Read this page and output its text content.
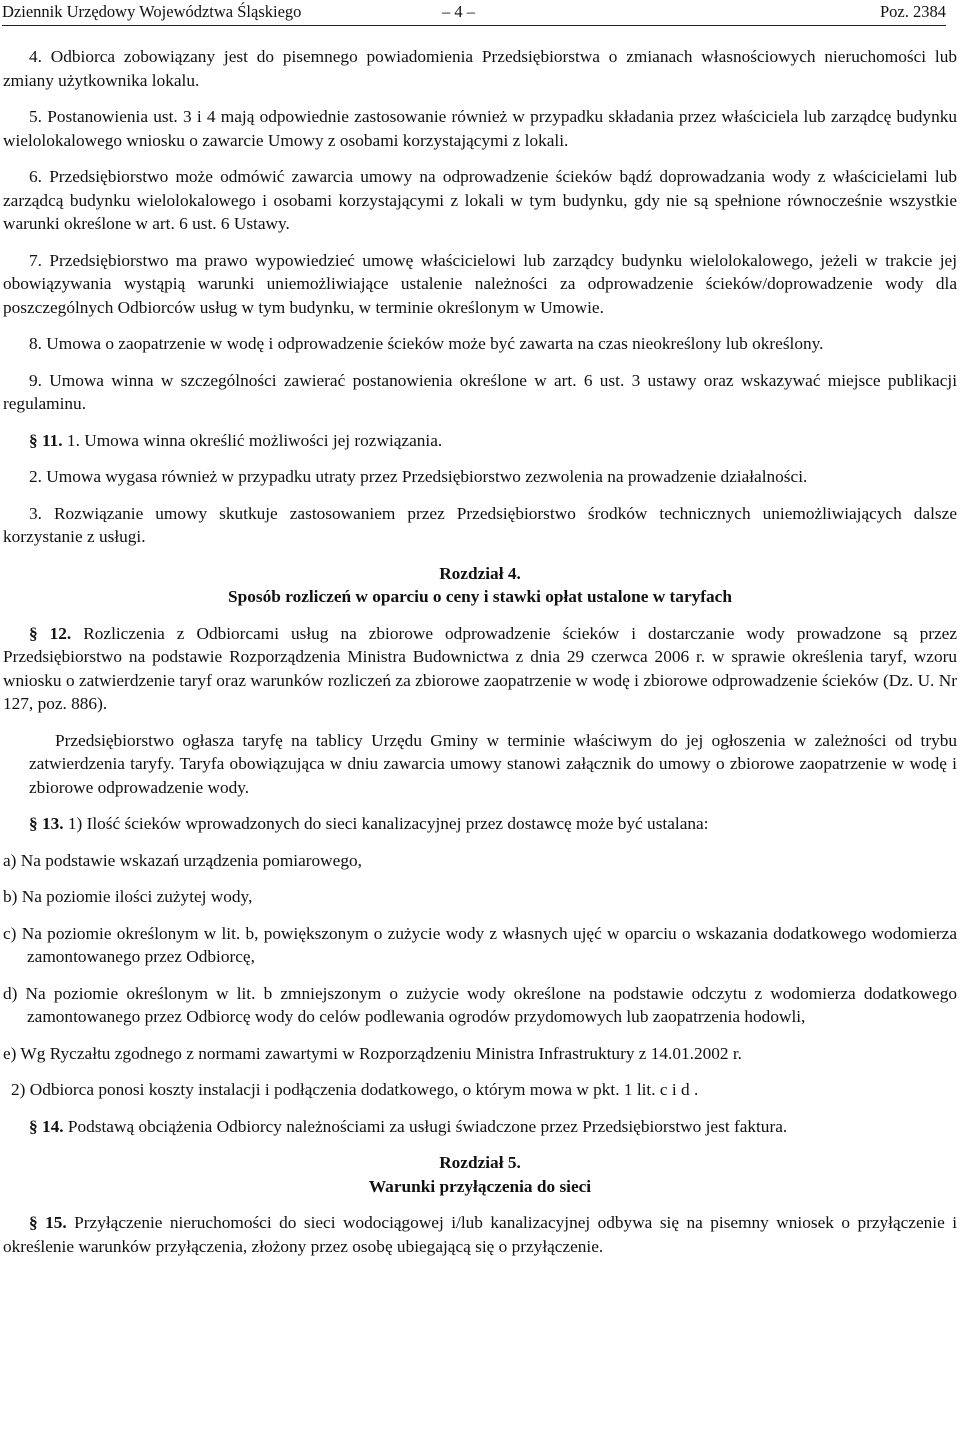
Dziennik Urzędowy Województwa Śląskiego	– 4 –	Poz. 2384

4. Odbiorca zobowiązany jest do pisemnego powiadomienia Przedsiębiorstwa o zmianach własnościowych nieruchomości lub zmiany użytkownika lokalu.

5. Postanowienia ust. 3 i 4 mają odpowiednie zastosowanie również w przypadku składania przez właściciela lub zarządcę budynku wielolokalowego wniosku o zawarcie Umowy z osobami korzystającymi z lokali.

6. Przedsiębiorstwo może odmówić zawarcia umowy na odprowadzenie ścieków bądź doprowadzania wody z właścicielami lub zarządcą budynku wielolokalowego i osobami korzystającymi z lokali w tym budynku, gdy nie są spełnione równocześnie wszystkie warunki określone w art. 6 ust. 6 Ustawy.

7. Przedsiębiorstwo ma prawo wypowiedzieć umowę właścicielowi lub zarządcy budynku wielolokalowego, jeżeli w trakcie jej obowiązywania wystąpią warunki uniemożliwiające ustalenie należności za odprowadzenie ścieków/doprowadzenie wody dla poszczególnych Odbiorców usług w tym budynku, w terminie określonym w Umowie.

8. Umowa o zaopatrzenie w wodę i odprowadzenie ścieków może być zawarta na czas nieokreślony lub określony.

9. Umowa winna w szczególności zawierać postanowienia określone w art. 6 ust. 3 ustawy oraz wskazywać miejsce publikacji regulaminu.

§ 11. 1. Umowa winna określić możliwości jej rozwiązania.

2. Umowa wygasa również w przypadku utraty przez Przedsiębiorstwo zezwolenia na prowadzenie działalności.

3. Rozwiązanie umowy skutkuje zastosowaniem przez Przedsiębiorstwo środków technicznych uniemożliwiających dalsze korzystanie z usługi.

Rozdział 4.
Sposób rozliczeń w oparciu o ceny i stawki opłat ustalone w taryfach

§ 12. Rozliczenia z Odbiorcami usług na zbiorowe odprowadzenie ścieków i dostarczanie wody prowadzone są przez Przedsiębiorstwo na podstawie Rozporządzenia Ministra Budownictwa z dnia 29 czerwca 2006 r. w sprawie określenia taryf, wzoru wniosku o zatwierdzenie taryf oraz warunków rozliczeń za zbiorowe zaopatrzenie w wodę i zbiorowe odprowadzenie ścieków (Dz. U. Nr 127, poz. 886).

Przedsiębiorstwo ogłasza taryfę na tablicy Urzędu Gminy w terminie właściwym do jej ogłoszenia w zależności od trybu zatwierdzenia taryfy. Taryfa obowiązująca w dniu zawarcia umowy stanowi załącznik do umowy o zbiorowe zaopatrzenie w wodę i zbiorowe odprowadzenie wody.

§ 13. 1) Ilość ścieków wprowadzonych do sieci kanalizacyjnej przez dostawcę może być ustalana:

a) Na podstawie wskazań urządzenia pomiarowego,

b) Na poziomie ilości zużytej wody,

c) Na poziomie określonym w lit. b, powiększonym o zużycie wody z własnych ujęć w oparciu o wskazania dodatkowego wodomierza zamontowanego przez Odbiorcę,

d) Na poziomie określonym w lit. b zmniejszonym o zużycie wody określone na podstawie odczytu z wodomierza dodatkowego zamontowanego przez Odbiorcę wody do celów podlewania ogrodów przydomowych lub zaopatrzenia hodowli,

e) Wg Ryczałtu zgodnego z normami zawartymi w Rozporządzeniu Ministra Infrastruktury z 14.01.2002 r.

2) Odbiorca ponosi koszty instalacji i podłączenia dodatkowego, o którym mowa w pkt. 1 lit. c i d .

§ 14. Podstawą obciążenia Odbiorcy należnościami za usługi świadczone przez Przedsiębiorstwo jest faktura.

Rozdział 5.
Warunki przyłączenia do sieci

§ 15. Przyłączenie nieruchomości do sieci wodociągowej i/lub kanalizacyjnej odbywa się na pisemny wniosek o przyłączenie i określenie warunków przyłączenia, złożony przez osobę ubiegającą się o przyłączenie.
